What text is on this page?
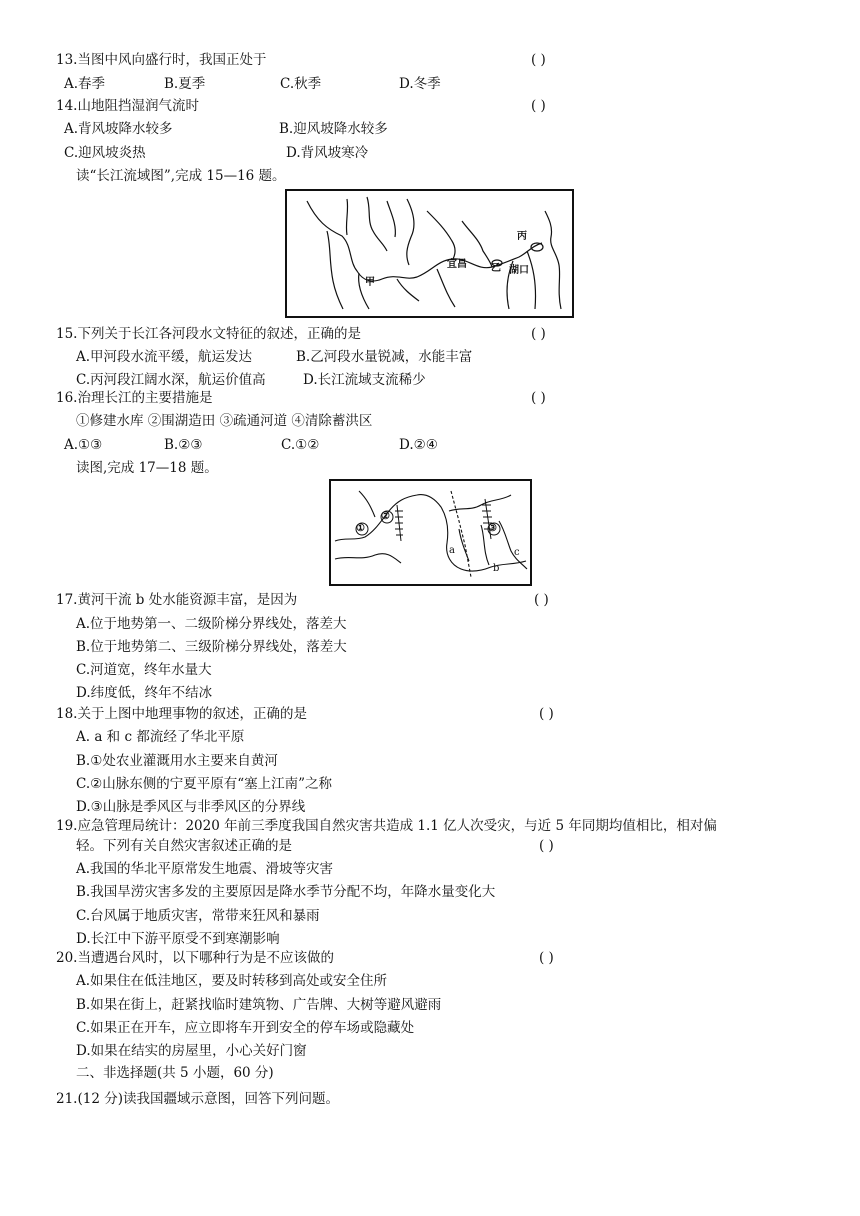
13.当图中风向盛行时，我国正处于	( )
A.春季	B.夏季	C.秋季	D.冬季
14.山地阻挡湿润气流时	( )
A.背风坡降水较多	B.迎风坡降水较多
C.迎风坡炎热	D.背风坡寒冷
读“长江流域图”,完成 15—16 题。
甲
宜昌 乙
丙
湖口
15.下列关于长江各河段水文特征的叙述，正确的是	( )
A.甲河段水流平缓，航运发达	B.乙河段水量锐减，水能丰富
C.丙河段江阔水深，航运价值高	D.长江流域支流稀少
16.治理长江的主要措施是	( )
①修建水库 ②围湖造田 ③疏通河道 ④清除蓄洪区
A.①③	B.②③	C.①②	D.②④
读图,完成 17—18 题。
①
②
③
a
b
c
17.黄河干流 b 处水能资源丰富，是因为	( )
A.位于地势第一、二级阶梯分界线处，落差大
B.位于地势第二、三级阶梯分界线处，落差大
C.河道宽，终年水量大
D.纬度低，终年不结冰
18.关于上图中地理事物的叙述，正确的是	( )
A. a 和 c 都流经了华北平原
B.①处农业灌溉用水主要来自黄河
C.②山脉东侧的宁夏平原有“塞上江南”之称
D.③山脉是季风区与非季风区的分界线
19.应急管理局统计：2020 年前三季度我国自然灾害共造成 1.1 亿人次受灾，与近 5 年同期均值相比，相对偏
轻。下列有关自然灾害叙述正确的是	( )
A.我国的华北平原常发生地震、滑坡等灾害
B.我国旱涝灾害多发的主要原因是降水季节分配不均，年降水量变化大
C.台风属于地质灾害，常带来狂风和暴雨
D.长江中下游平原受不到寒潮影响
20.当遭遇台风时，以下哪种行为是不应该做的	( )
A.如果住在低洼地区，要及时转移到高处或安全住所
B.如果在街上，赶紧找临时建筑物、广告牌、大树等避风避雨
C.如果正在开车，应立即将车开到安全的停车场或隐藏处
D.如果在结实的房屋里，小心关好门窗
二、非选择题(共 5 小题，60 分)
21.(12 分)读我国疆域示意图，回答下列问题。
